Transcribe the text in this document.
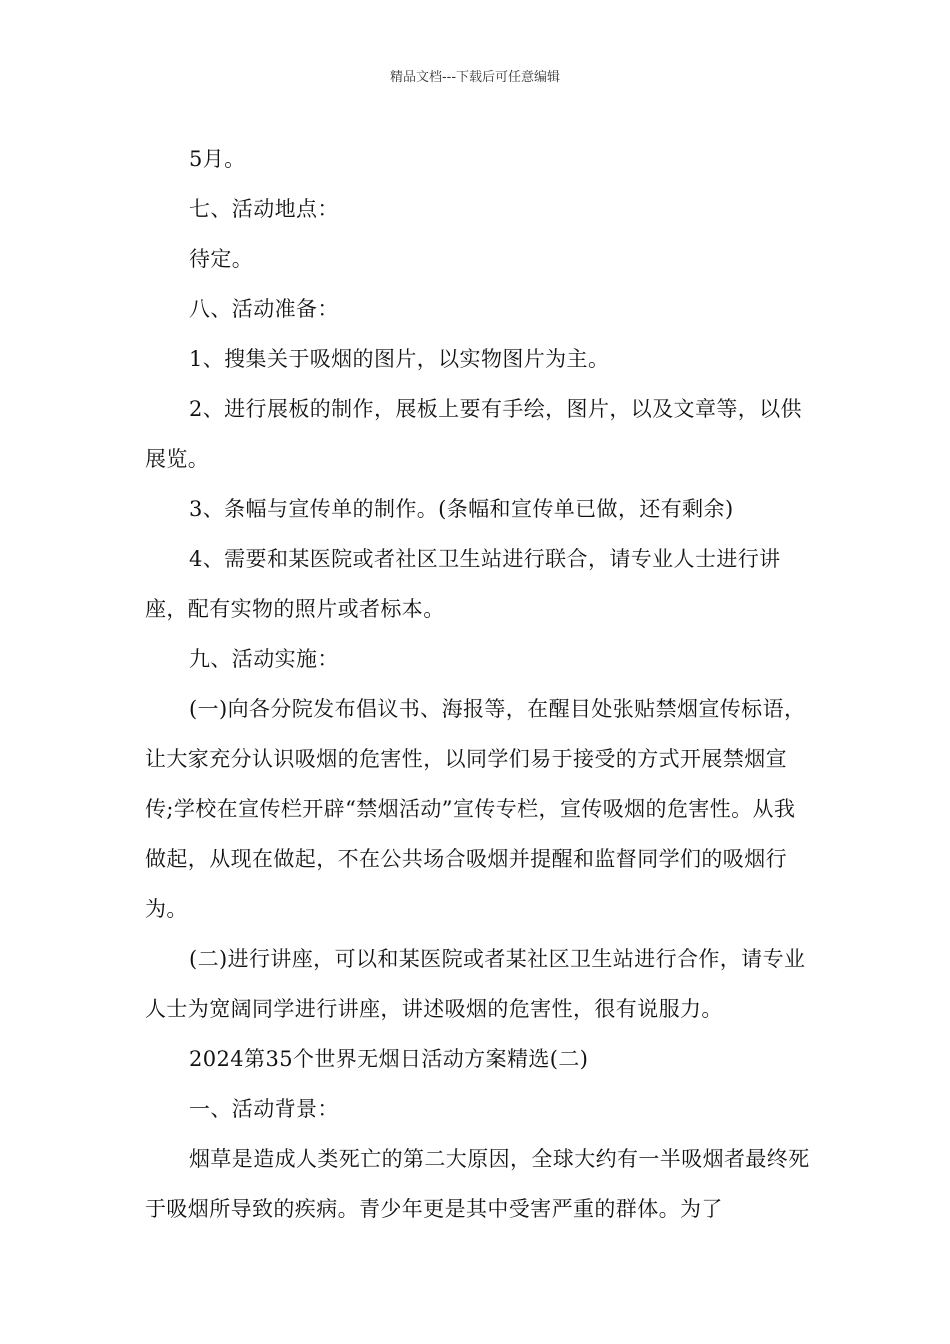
精品文档---下载后可任意编辑

5月。

七、活动地点：

待定。

八、活动准备：

1、搜集关于吸烟的图片，以实物图片为主。

2、进行展板的制作，展板上要有手绘，图片，以及文章等，以供展览。

3、条幅与宣传单的制作。(条幅和宣传单已做，还有剩余)

4、需要和某医院或者社区卫生站进行联合，请专业人士进行讲座，配有实物的照片或者标本。

九、活动实施：

(一)向各分院发布倡议书、海报等，在醒目处张贴禁烟宣传标语，让大家充分认识吸烟的危害性，以同学们易于接受的方式开展禁烟宣传;学校在宣传栏开辟“禁烟活动”宣传专栏，宣传吸烟的危害性。从我做起，从现在做起，不在公共场合吸烟并提醒和监督同学们的吸烟行为。

(二)进行讲座，可以和某医院或者某社区卫生站进行合作，请专业人士为宽阔同学进行讲座，讲述吸烟的危害性，很有说服力。

2024第35个世界无烟日活动方案精选(二)

一、活动背景：

烟草是造成人类死亡的第二大原因，全球大约有一半吸烟者最终死于吸烟所导致的疾病。青少年更是其中受害严重的群体。为了
